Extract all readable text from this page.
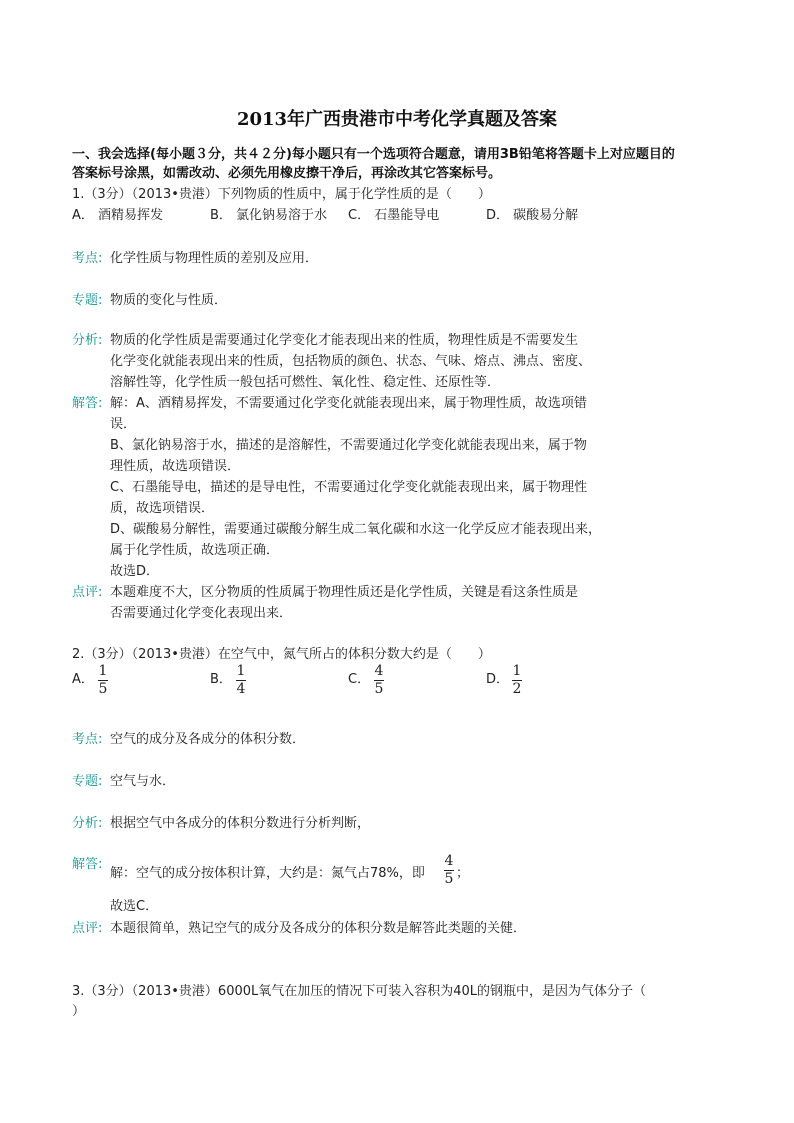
2013年广西贵港市中考化学真题及答案
一、我会选择(每小题３分，共４２分)每小题只有一个选项符合题意，请用3B铅笔将答题卡上对应题目的
答案标号涂黑，如需改动、必须先用橡皮擦干净后，再涂改其它答案标号。
1.（3分）（2013•贵港）下列物质的性质中，属于化学性质的是（　　）
A． 酒精易挥发	B． 氯化钠易溶于水 C． 石墨能导电	D． 碳酸易分解
考点: 化学性质与物理性质的差别及应用．
专题: 物质的变化与性质．
分析: 物质的化学性质是需要通过化学变化才能表现出来的性质，物理性质是不需要发生
化学变化就能表现出来的性质，包括物质的颜色、状态、气味、熔点、沸点、密度、
溶解性等，化学性质一般包括可燃性、氧化性、稳定性、还原性等．
解答: 解：A、酒精易挥发，不需要通过化学变化就能表现出来，属于物理性质，故选项错
误．
B、氯化钠易溶于水，描述的是溶解性，不需要通过化学变化就能表现出来，属于物
理性质，故选项错误．
C、石墨能导电，描述的是导电性，不需要通过化学变化就能表现出来，属于物理性
质，故选项错误．
D、碳酸易分解性，需要通过碳酸分解生成二氧化碳和水这一化学反应才能表现出来，
属于化学性质，故选项正确．
故选D．
点评: 本题难度不大，区分物质的性质属于物理性质还是化学性质，关键是看这条性质是
否需要通过化学变化表现出来．
2.（3分）（2013•贵港）在空气中，氮气所占的体积分数大约是（　　）
A．
1
5
B．
1
4
C．
4
5
D．
1
2
考点: 空气的成分及各成分的体积分数．
专题: 空气与水．
分析: 根据空气中各成分的体积分数进行分析判断，
解答:
解：空气的成分按体积计算，大约是：氮气占78%，即
4
5 ；
故选C．
点评: 本题很简单，熟记空气的成分及各成分的体积分数是解答此类题的关健．
3.（3分）（2013•贵港）6000L氧气在加压的情况下可装入容积为40L的钢瓶中，是因为气体分子（
）
